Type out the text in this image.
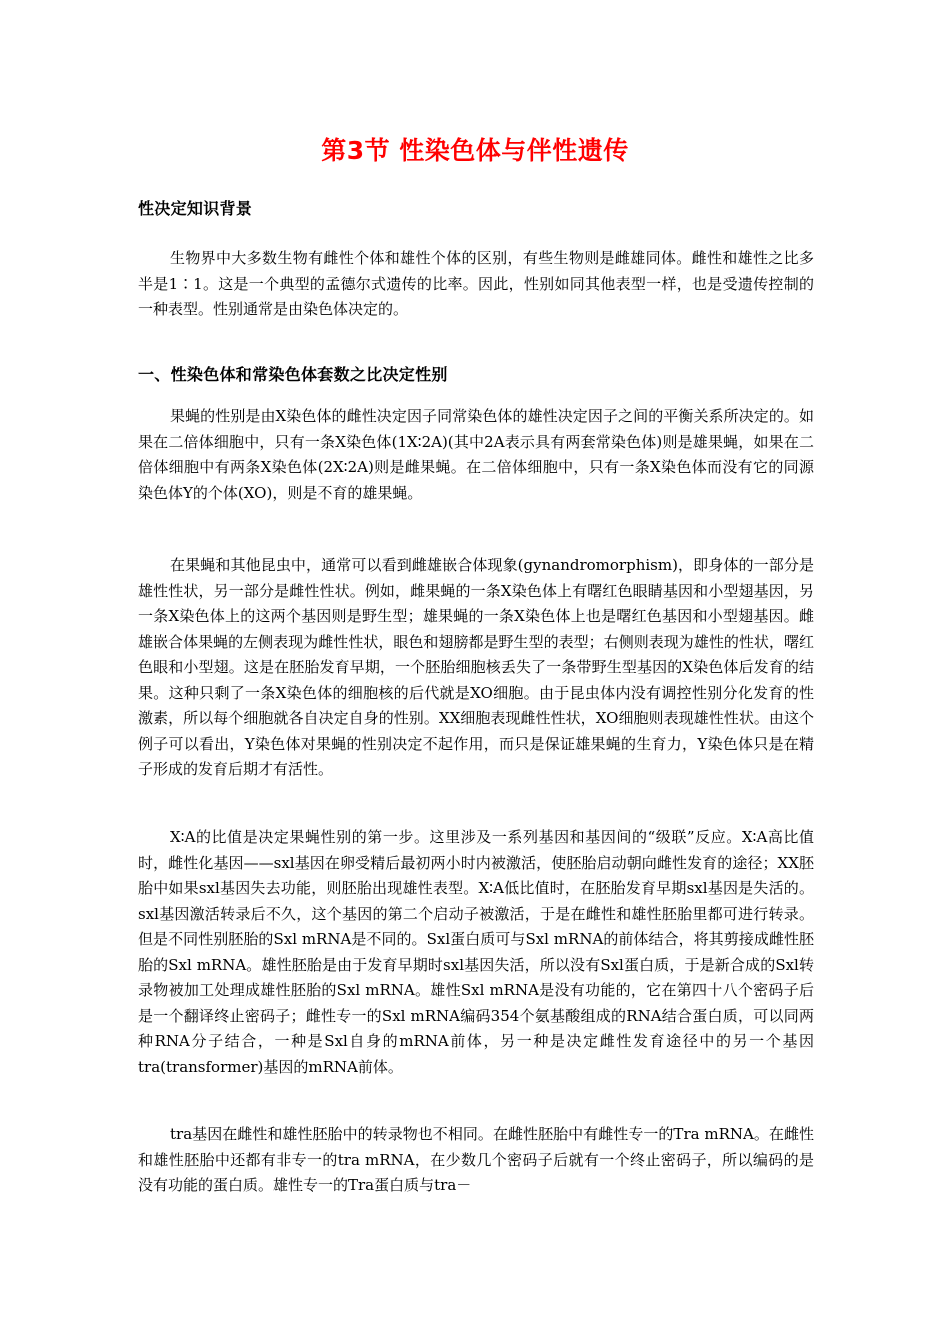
第3节 性染色体与伴性遗传
性决定知识背景
生物界中大多数生物有雌性个体和雄性个体的区别，有些生物则是雌雄同体。雌性和雄性之比多半是1∶1。这是一个典型的孟德尔式遗传的比率。因此，性别如同其他表型一样，也是受遗传控制的一种表型。性别通常是由染色体决定的。
一、性染色体和常染色体套数之比决定性别
果蝇的性别是由X染色体的雌性决定因子同常染色体的雄性决定因子之间的平衡关系所决定的。如果在二倍体细胞中，只有一条X染色体(1X∶2A)(其中2A表示具有两套常染色体)则是雄果蝇，如果在二倍体细胞中有两条X染色体(2X∶2A)则是雌果蝇。在二倍体细胞中，只有一条X染色体而没有它的同源染色体Y的个体(XO)，则是不育的雄果蝇。
在果蝇和其他昆虫中，通常可以看到雌雄嵌合体现象(gynandromorphism)，即身体的一部分是雄性性状，另一部分是雌性性状。例如，雌果蝇的一条X染色体上有曙红色眼睛基因和小型翅基因，另一条X染色体上的这两个基因则是野生型；雄果蝇的一条X染色体上也是曙红色基因和小型翅基因。雌雄嵌合体果蝇的左侧表现为雌性性状，眼色和翅膀都是野生型的表型；右侧则表现为雄性的性状，曙红色眼和小型翅。这是在胚胎发育早期，一个胚胎细胞核丢失了一条带野生型基因的X染色体后发育的结果。这种只剩了一条X染色体的细胞核的后代就是XO细胞。由于昆虫体内没有调控性别分化发育的性激素，所以每个细胞就各自决定自身的性别。XX细胞表现雌性性状，XO细胞则表现雄性性状。由这个例子可以看出，Y染色体对果蝇的性别决定不起作用，而只是保证雄果蝇的生育力，Y染色体只是在精子形成的发育后期才有活性。
X∶A的比值是决定果蝇性别的第一步。这里涉及一系列基因和基因间的“级联”反应。X∶A高比值时，雌性化基因——sxl基因在卵受精后最初两小时内被激活，使胚胎启动朝向雌性发育的途径；XX胚胎中如果sxl基因失去功能，则胚胎出现雄性表型。X∶A低比值时，在胚胎发育早期sxl基因是失活的。sxl基因激活转录后不久，这个基因的第二个启动子被激活，于是在雌性和雄性胚胎里都可进行转录。但是不同性别胚胎的Sxl mRNA是不同的。Sxl蛋白质可与Sxl mRNA的前体结合，将其剪接成雌性胚胎的Sxl mRNA。雄性胚胎是由于发育早期时sxl基因失活，所以没有Sxl蛋白质，于是新合成的Sxl转录物被加工处理成雄性胚胎的Sxl mRNA。雄性Sxl mRNA是没有功能的，它在第四十八个密码子后是一个翻译终止密码子；雌性专一的Sxl mRNA编码354个氨基酸组成的RNA结合蛋白质，可以同两种RNA分子结合，一种是Sxl自身的mRNA前体，另一种是决定雌性发育途径中的另一个基因tra(transformer)基因的mRNA前体。
tra基因在雌性和雄性胚胎中的转录物也不相同。在雌性胚胎中有雌性专一的Tra mRNA。在雌性和雄性胚胎中还都有非专一的tra mRNA，在少数几个密码子后就有一个终止密码子，所以编码的是没有功能的蛋白质。雄性专一的Tra蛋白质与tra－
